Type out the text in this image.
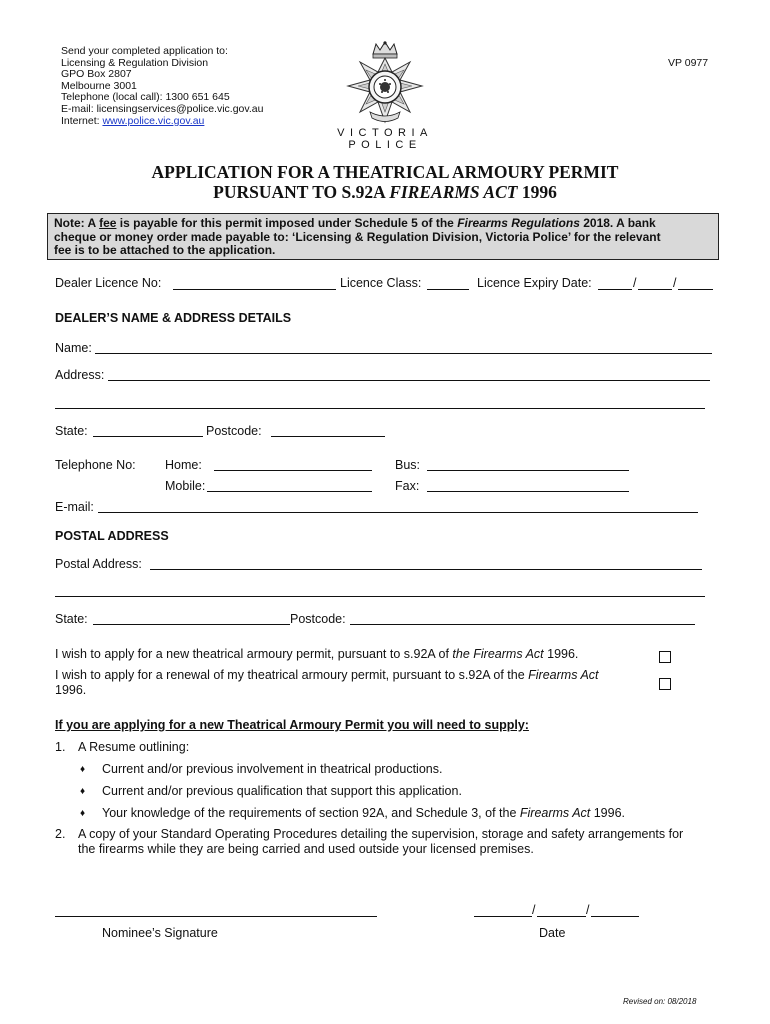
Send your completed application to:
Licensing & Regulation Division
GPO Box 2807
Melbourne 3001
Telephone (local call): 1300 651 645
E-mail: licensingservices@police.vic.gov.au
Internet: www.police.vic.gov.au
VP 0977
VICTORIA POLICE
APPLICATION FOR A THEATRICAL ARMOURY PERMIT
PURSUANT TO S.92A FIREARMS ACT 1996
Note: A fee is payable for this permit imposed under Schedule 5 of the Firearms Regulations 2018. A bank
cheque or money order made payable to: ‘Licensing & Regulation Division, Victoria Police’ for the relevant
fee is to be attached to the application.
Dealer Licence No:	Licence Class:	Licence Expiry Date:	/	/
DEALER’S NAME & ADDRESS DETAILS
Name:
Address:
State:	Postcode:
Telephone No: Home:	Bus:
Mobile:	Fax:
E-mail:
POSTAL ADDRESS
Postal Address:
State:	Postcode:
I wish to apply for a new theatrical armoury permit, pursuant to s.92A of the Firearms Act 1996.
I wish to apply for a renewal of my theatrical armoury permit, pursuant to s.92A of the Firearms Act
1996.
If you are applying for a new Theatrical Armoury Permit you will need to supply:
1. A Resume outlining:
♦ Current and/or previous involvement in theatrical productions.
♦ Current and/or previous qualification that support this application.
♦ Your knowledge of the requirements of section 92A, and Schedule 3, of the Firearms Act 1996.
2. A copy of your Standard Operating Procedures detailing the supervision, storage and safety arrangements for
the firearms while they are being carried and used outside your licensed premises.
Nominee’s Signature
/	/
Date
Revised on: 08/2018
